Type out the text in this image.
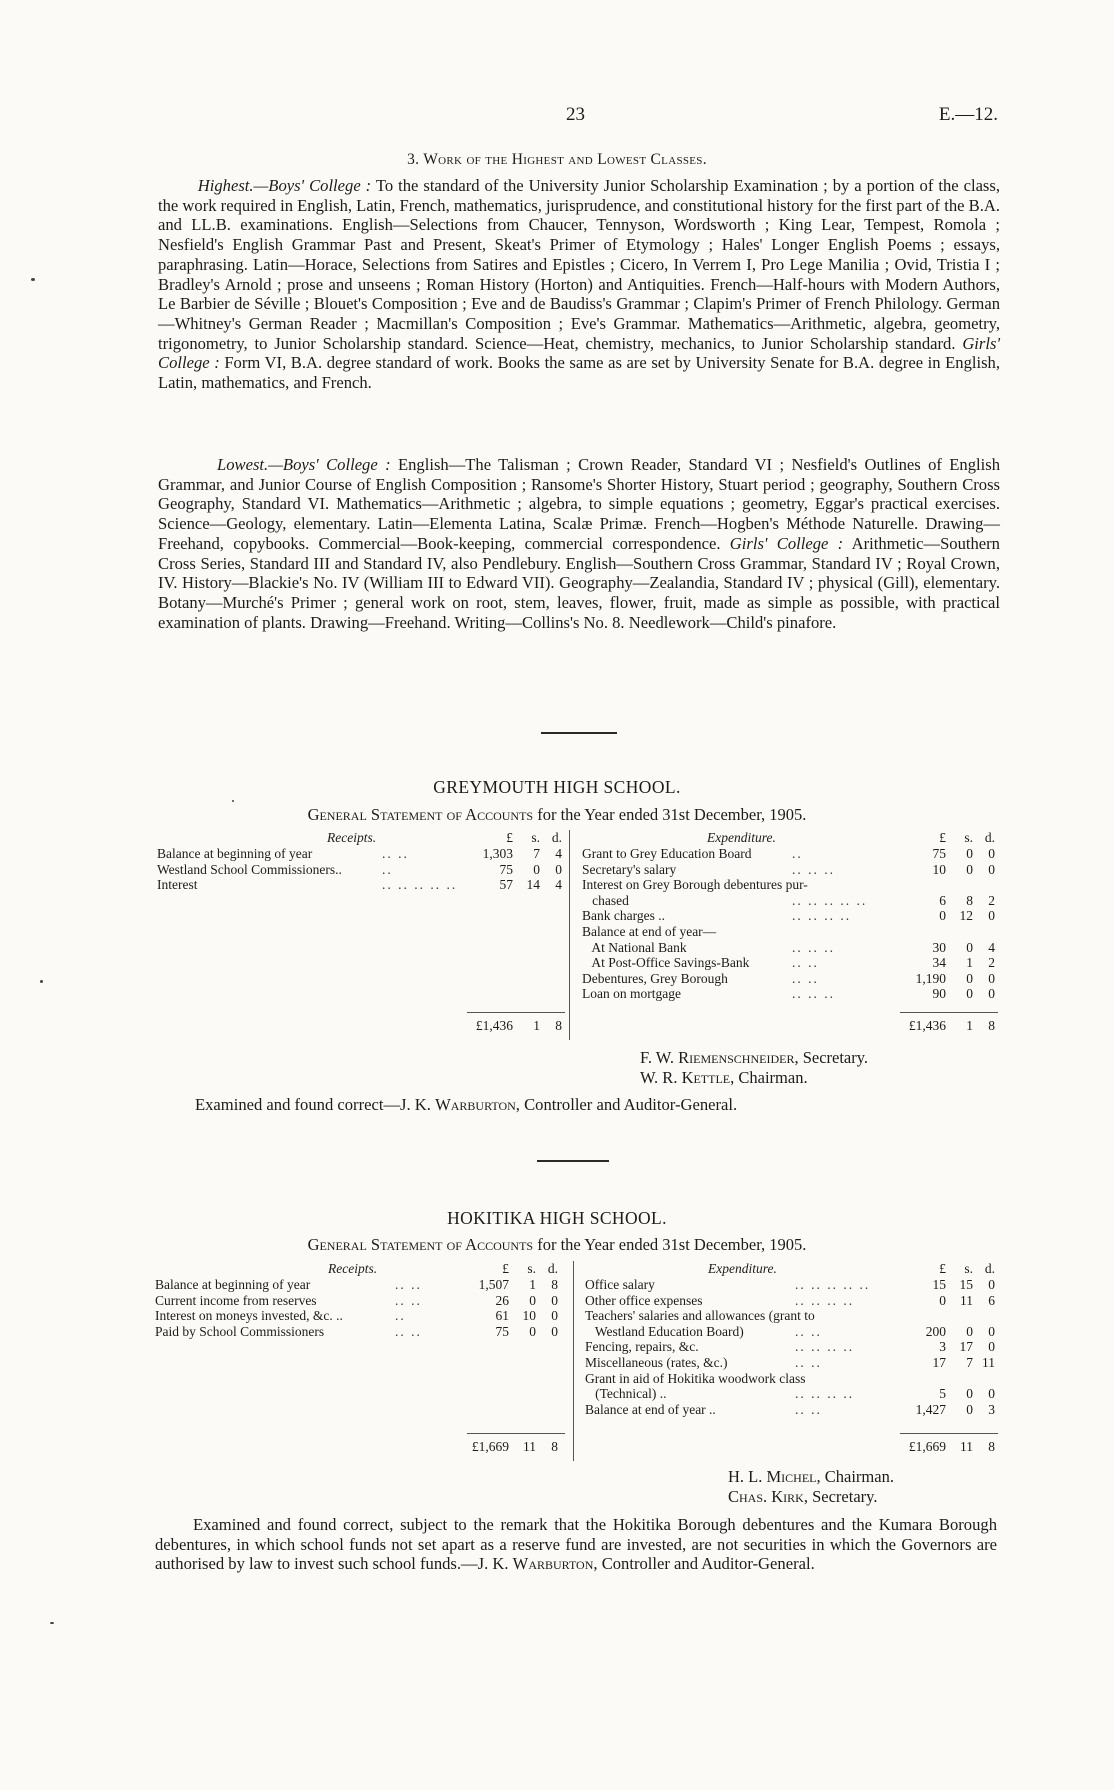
23	E.—12.
3. Work of the Highest and Lowest Classes.
Highest.—Boys' College : To the standard of the University Junior Scholarship Examination ; by a portion of the class, the work required in English, Latin, French, mathematics, jurisprudence, and constitutional history for the first part of the B.A. and LL.B. examinations. English—Selections from Chaucer, Tennyson, Wordsworth ; King Lear, Tempest, Romola ; Nesfield's English Grammar Past and Present, Skeat's Primer of Etymology ; Hales' Longer English Poems ; essays, paraphrasing. Latin—Horace, Selections from Satires and Epistles ; Cicero, In Verrem I, Pro Lege Manilia ; Ovid, Tristia I ; Bradley's Arnold ; prose and unseens ; Roman History (Horton) and Antiquities. French—Half-hours with Modern Authors, Le Barbier de Séville ; Blouet's Composition ; Eve and de Baudiss's Grammar ; Clapim's Primer of French Philology. German—Whitney's German Reader ; Macmillan's Composition ; Eve's Grammar. Mathematics—Arithmetic, algebra, geometry, trigonometry, to Junior Scholarship standard. Science—Heat, chemistry, mechanics, to Junior Scholarship standard. Girls' College : Form VI, B.A. degree standard of work. Books the same as are set by University Senate for B.A. degree in English, Latin, mathematics, and French.
Lowest.—Boys' College : English—The Talisman ; Crown Reader, Standard VI ; Nesfield's Outlines of English Grammar, and Junior Course of English Composition ; Ransome's Shorter History, Stuart period ; geography, Southern Cross Geography, Standard VI. Mathematics—Arithmetic ; algebra, to simple equations ; geometry, Eggar's practical exercises. Science—Geology, elementary. Latin—Elementa Latina, Scalæ Primæ. French—Hogben's Méthode Naturelle. Drawing—Freehand, copybooks. Commercial—Book-keeping, commercial correspondence. Girls' College : Arithmetic—Southern Cross Series, Standard III and Standard IV, also Pendlebury. English—Southern Cross Grammar, Standard IV ; Royal Crown, IV. History—Blackie's No. IV (William III to Edward VII). Geography—Zealandia, Standard IV ; physical (Gill), elementary. Botany—Murché's Primer ; general work on root, stem, leaves, flower, fruit, made as simple as possible, with practical examination of plants. Drawing—Freehand. Writing—Collins's No. 8. Needlework—Child's pinafore.
GREYMOUTH HIGH SCHOOL.
General Statement of Accounts for the Year ended 31st December, 1905.
Receipts.	£	s. d.	Expenditure.	£	s. d.
Balance at beginning of year	.. ..	1,303	7	4
Westland School Commissioners..	..	75	0	0
Interest	.. .. .. .. ..	57	14	4
Grant to Grey Education Board	..	75	0	0
Secretary's salary	.. .. ..	10	0	0
Interest on Grey Borough debentures pur-
chased	.. .. .. .. ..	6	8	2
Bank charges ..	.. .. .. ..	0	12	0
Balance at end of year—
At National Bank	.. .. ..	30	0	4
At Post-Office Savings-Bank	.. ..	34	1	2
Debentures, Grey Borough	.. ..	1,190	0	0
Loan on mortgage	.. .. ..	90	0	0
£1,436	1	8	£1,436	1	8
F. W. Riemenschneider, Secretary.
W. R. Kettle, Chairman.
Examined and found correct—J. K. Warburton, Controller and Auditor-General.
HOKITIKA HIGH SCHOOL.
General Statement of Accounts for the Year ended 31st December, 1905.
Receipts.	£	s. d.	Expenditure.	£	s. d.
Balance at beginning of year	.. ..	1,507	1	8
Current income from reserves	.. ..	26	0	0
Interest on moneys invested, &c. ..	..	61	10	0
Paid by School Commissioners	.. ..	75	0	0
Office salary	.. .. .. .. ..	15	15	0
Other office expenses	.. .. .. ..	0	11	6
Teachers' salaries and allowances (grant to
Westland Education Board)	.. ..	200	0	0
Fencing, repairs, &c.	.. .. .. ..	3	17	0
Miscellaneous (rates, &c.)	.. ..	17	7 11
Grant in aid of Hokitika woodwork class
(Technical) ..	.. .. .. ..	5	0	0
Balance at end of year ..	.. ..	1,427	0	3
£1,669	11	8	£1,669	11	8
H. L. Michel, Chairman.
Chas. Kirk, Secretary.
Examined and found correct, subject to the remark that the Hokitika Borough debentures and the Kumara Borough debentures, in which school funds not set apart as a reserve fund are invested, are not securities in which the Governors are authorised by law to invest such school funds.—J. K. Warburton, Controller and Auditor-General.
